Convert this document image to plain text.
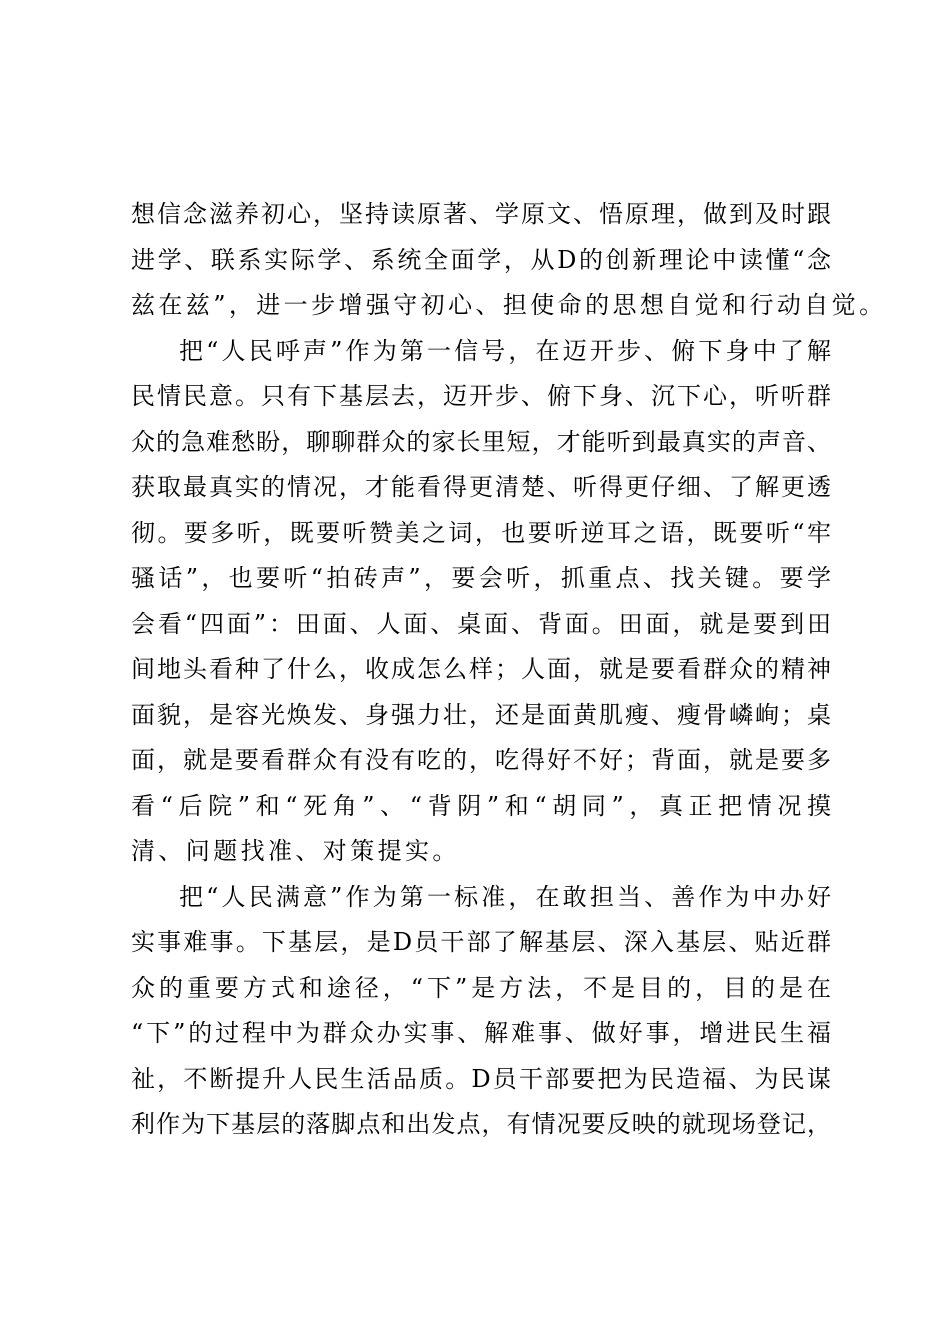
想信念滋养初心，坚持读原著、学原文、悟原理，做到及时跟
进学、联系实际学、系统全面学，从D的创新理论中读懂“念
兹在兹”，进一步增强守初心、担使命的思想自觉和行动自觉。
把“人民呼声”作为第一信号，在迈开步、俯下身中了解
民情民意。只有下基层去，迈开步、俯下身、沉下心，听听群
众的急难愁盼，聊聊群众的家长里短，才能听到最真实的声音、
获取最真实的情况，才能看得更清楚、听得更仔细、了解更透
彻。要多听，既要听赞美之词，也要听逆耳之语，既要听“牢
骚话”，也要听“拍砖声”，要会听，抓重点、找关键。要学
会看“四面”：田面、人面、桌面、背面。田面，就是要到田
间地头看种了什么，收成怎么样；人面，就是要看群众的精神
面貌，是容光焕发、身强力壮，还是面黄肌瘦、瘦骨嶙峋；桌
面，就是要看群众有没有吃的，吃得好不好；背面，就是要多
看“后院”和“死角”、“背阴”和“胡同”，真正把情况摸
清、问题找准、对策提实。
把“人民满意”作为第一标准，在敢担当、善作为中办好
实事难事。下基层，是D员干部了解基层、深入基层、贴近群
众的重要方式和途径，“下”是方法，不是目的，目的是在
“下”的过程中为群众办实事、解难事、做好事，增进民生福
祉，不断提升人民生活品质。D员干部要把为民造福、为民谋
利作为下基层的落脚点和出发点，有情况要反映的就现场登记，
